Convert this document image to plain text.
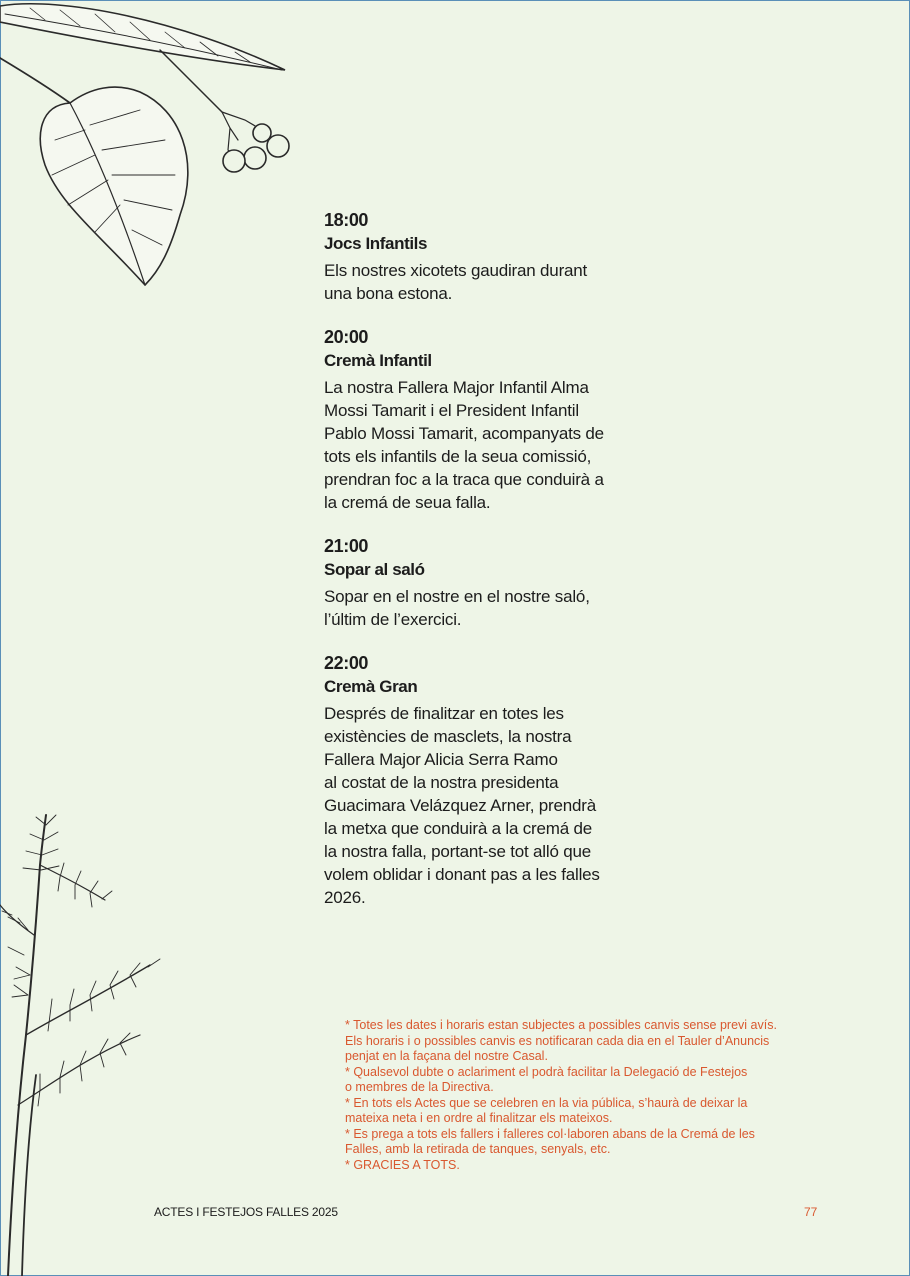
18:00
Jocs Infantils
Els nostres xicotets gaudiran durant
una bona estona.
20:00
Cremà Infantil
La nostra Fallera Major Infantil Alma
Mossi Tamarit i el President Infantil
Pablo Mossi Tamarit, acompanyats de
tots els infantils de la seua comissió,
prendran foc a la traca que conduirà a
la cremá de seua falla.
21:00
Sopar al saló
Sopar en el nostre en el nostre saló,
l’últim de l’exercici.
22:00
Cremà Gran
Després de finalitzar en totes les
existències de masclets, la nostra
Fallera Major Alicia Serra Ramo
al costat de la nostra presidenta
Guacimara Velázquez Arner, prendrà
la metxa que conduirà a la cremá de
la nostra falla, portant-se tot alló que
volem oblidar i donant pas a les falles
2026.
* Totes les dates i horaris estan subjectes a possibles canvis sense previ avís.
Els horaris i o possibles canvis es notificaran cada dia en el Tauler d’Anuncis
penjat en la façana del nostre Casal.
* Qualsevol dubte o aclariment el podrà facilitar la Delegació de Festejos
o membres de la Directiva.
* En tots els Actes que se celebren en la via pública, s’haurà de deixar la
mateixa neta i en ordre al finalitzar els mateixos.
* Es prega a tots els fallers i falleres col·laboren abans de la Cremá de les
Falles, amb la retirada de tanques, senyals, etc.
* GRACIES A TOTS.
ACTES I FESTEJOS FALLES 2025	77
